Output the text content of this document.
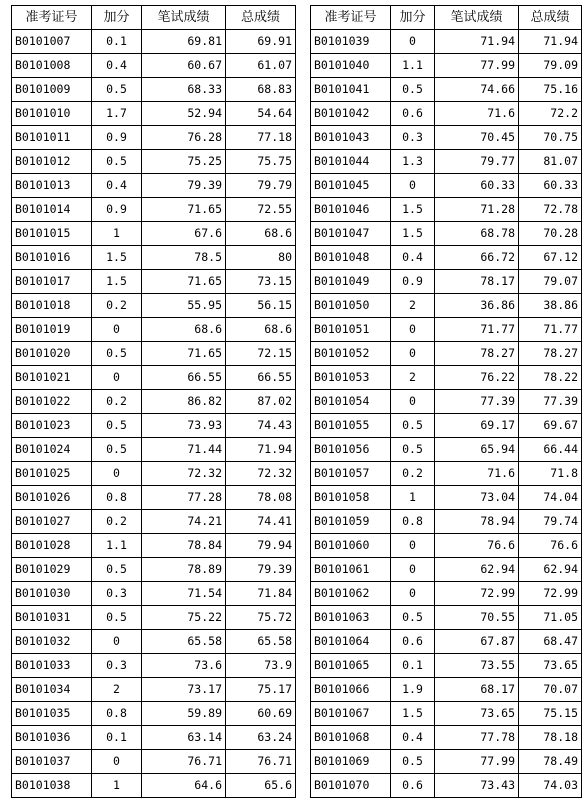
准考证号	加分	笔试成绩	总成绩
B0101007	0.1	69.81	69.91
B0101008	0.4	60.67	61.07
B0101009	0.5	68.33	68.83
B0101010	1.7	52.94	54.64
B0101011	0.9	76.28	77.18
B0101012	0.5	75.25	75.75
B0101013	0.4	79.39	79.79
B0101014	0.9	71.65	72.55
B0101015	1	67.6	68.6
B0101016	1.5	78.5	80
B0101017	1.5	71.65	73.15
B0101018	0.2	55.95	56.15
B0101019	0	68.6	68.6
B0101020	0.5	71.65	72.15
B0101021	0	66.55	66.55
B0101022	0.2	86.82	87.02
B0101023	0.5	73.93	74.43
B0101024	0.5	71.44	71.94
B0101025	0	72.32	72.32
B0101026	0.8	77.28	78.08
B0101027	0.2	74.21	74.41
B0101028	1.1	78.84	79.94
B0101029	0.5	78.89	79.39
B0101030	0.3	71.54	71.84
B0101031	0.5	75.22	75.72
B0101032	0	65.58	65.58
B0101033	0.3	73.6	73.9
B0101034	2	73.17	75.17
B0101035	0.8	59.89	60.69
B0101036	0.1	63.14	63.24
B0101037	0	76.71	76.71
B0101038	1	64.6	65.6
准考证号	加分	笔试成绩	总成绩
B0101039	0	71.94	71.94
B0101040	1.1	77.99	79.09
B0101041	0.5	74.66	75.16
B0101042	0.6	71.6	72.2
B0101043	0.3	70.45	70.75
B0101044	1.3	79.77	81.07
B0101045	0	60.33	60.33
B0101046	1.5	71.28	72.78
B0101047	1.5	68.78	70.28
B0101048	0.4	66.72	67.12
B0101049	0.9	78.17	79.07
B0101050	2	36.86	38.86
B0101051	0	71.77	71.77
B0101052	0	78.27	78.27
B0101053	2	76.22	78.22
B0101054	0	77.39	77.39
B0101055	0.5	69.17	69.67
B0101056	0.5	65.94	66.44
B0101057	0.2	71.6	71.8
B0101058	1	73.04	74.04
B0101059	0.8	78.94	79.74
B0101060	0	76.6	76.6
B0101061	0	62.94	62.94
B0101062	0	72.99	72.99
B0101063	0.5	70.55	71.05
B0101064	0.6	67.87	68.47
B0101065	0.1	73.55	73.65
B0101066	1.9	68.17	70.07
B0101067	1.5	73.65	75.15
B0101068	0.4	77.78	78.18
B0101069	0.5	77.99	78.49
B0101070	0.6	73.43	74.03
